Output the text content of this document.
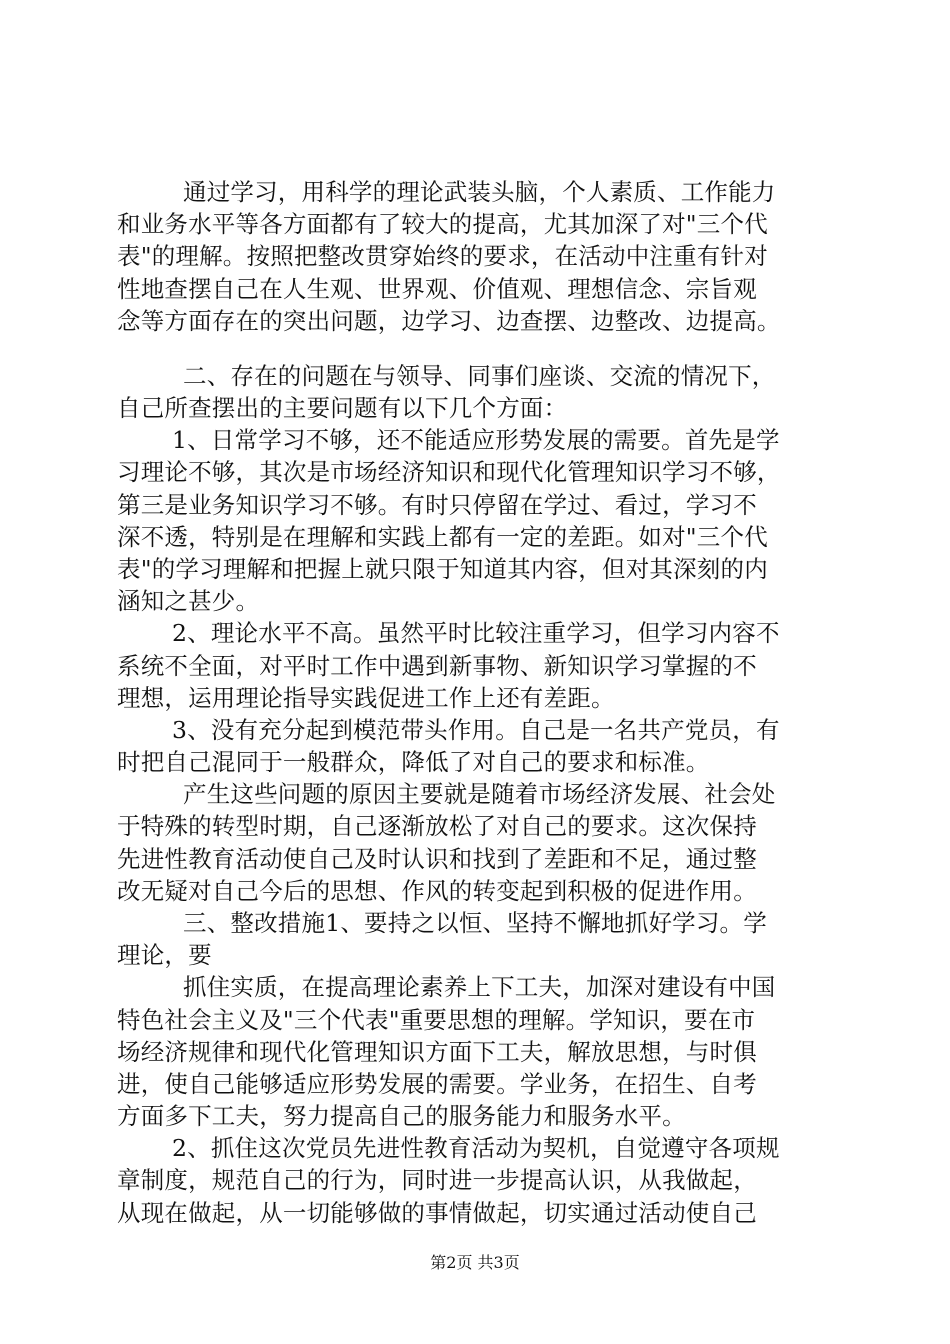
通过学习，用科学的理论武装头脑，个人素质、工作能力
和业务水平等各方面都有了较大的提高，尤其加深了对"三个代
表"的理解。按照把整改贯穿始终的要求，在活动中注重有针对
性地查摆自己在人生观、世界观、价值观、理想信念、宗旨观
念等方面存在的突出问题，边学习、边查摆、边整改、边提高。
二、存在的问题在与领导、同事们座谈、交流的情况下，
自己所查摆出的主要问题有以下几个方面：
1、日常学习不够，还不能适应形势发展的需要。首先是学
习理论不够，其次是市场经济知识和现代化管理知识学习不够，
第三是业务知识学习不够。有时只停留在学过、看过，学习不
深不透，特别是在理解和实践上都有一定的差距。如对"三个代
表"的学习理解和把握上就只限于知道其内容，但对其深刻的内
涵知之甚少。
2、理论水平不高。虽然平时比较注重学习，但学习内容不
系统不全面，对平时工作中遇到新事物、新知识学习掌握的不
理想，运用理论指导实践促进工作上还有差距。
3、没有充分起到模范带头作用。自己是一名共产党员，有
时把自己混同于一般群众，降低了对自己的要求和标准。
产生这些问题的原因主要就是随着市场经济发展、社会处
于特殊的转型时期，自己逐渐放松了对自己的要求。这次保持
先进性教育活动使自己及时认识和找到了差距和不足，通过整
改无疑对自己今后的思想、作风的转变起到积极的促进作用。
三、整改措施1、要持之以恒、坚持不懈地抓好学习。学
理论，要
抓住实质，在提高理论素养上下工夫，加深对建设有中国
特色社会主义及"三个代表"重要思想的理解。学知识，要在市
场经济规律和现代化管理知识方面下工夫，解放思想，与时俱
进，使自己能够适应形势发展的需要。学业务，在招生、自考
方面多下工夫，努力提高自己的服务能力和服务水平。
2、抓住这次党员先进性教育活动为契机，自觉遵守各项规
章制度，规范自己的行为，同时进一步提高认识，从我做起，
从现在做起，从一切能够做的事情做起，切实通过活动使自己
第2页 共3页
